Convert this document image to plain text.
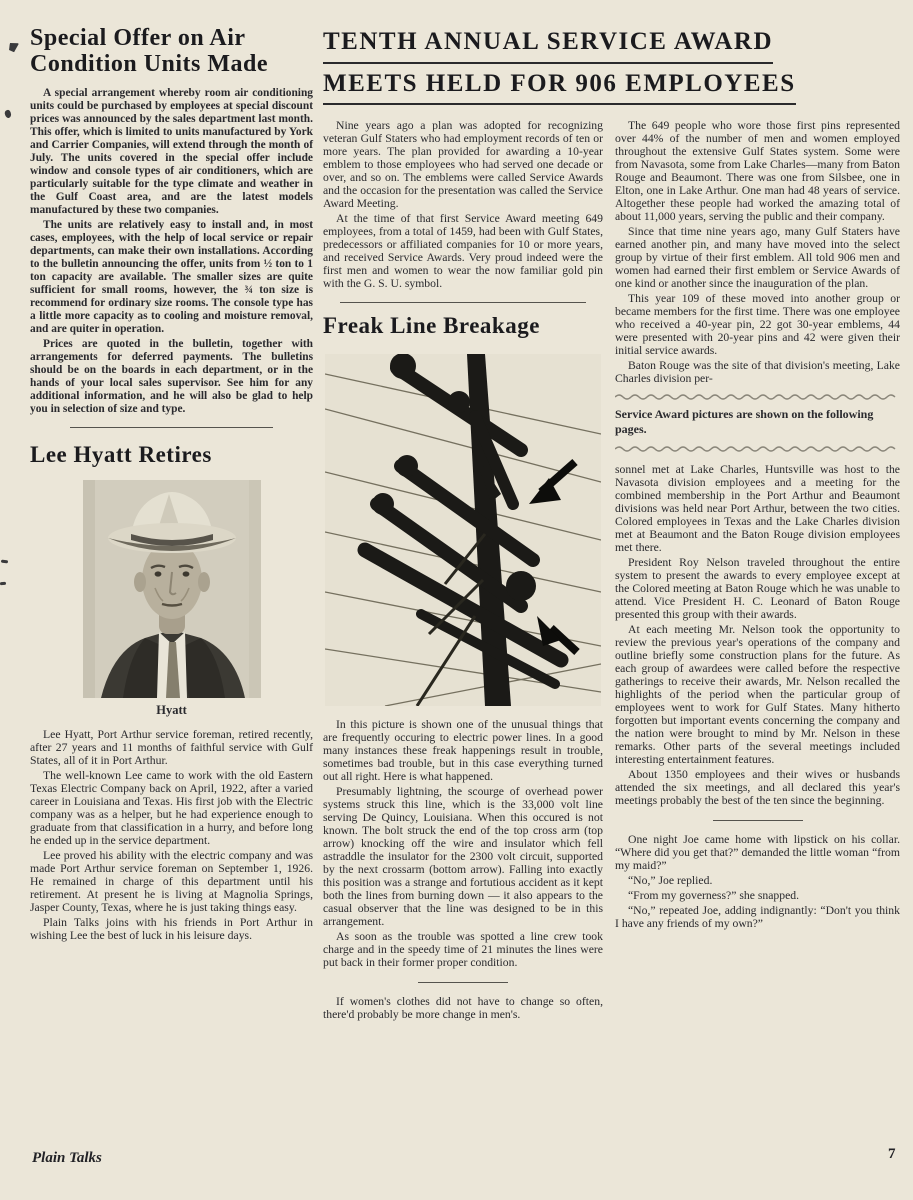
Special Offer on Air Condition Units Made

A special arrangement whereby room air conditioning units could be purchased by employees at special discount prices was announced by the sales department last month. This offer, which is limited to units manufactured by York and Carrier Companies, will extend through the month of July. The units covered in the special offer include window and console types of air conditioners, which are particularly suitable for the type climate and weather in the Gulf Coast area, and are the latest models manufactured by these two companies.

The units are relatively easy to install and, in most cases, employees, with the help of local service or repair departments, can make their own installations. According to the bulletin announcing the offer, units from ½ ton to 1 ton capacity are available. The smaller sizes are quite sufficient for small rooms, however, the ¾ ton size is recommend for ordinary size rooms. The console type has a little more capacity as to cooling and moisture removal, and are quiter in operation.

Prices are quoted in the bulletin, together with arrangements for deferred payments. The bulletins should be on the boards in each department, or in the hands of your local sales supervisor. See him for any additional information, and he will also be glad to help you in selection of size and type.

Lee Hyatt Retires
Hyatt

Lee Hyatt, Port Arthur service foreman, retired recently, after 27 years and 11 months of faithful service with Gulf States, all of it in Port Arthur.

The well-known Lee came to work with the old Eastern Texas Electric Company back on April, 1922, after a varied career in Louisiana and Texas. His first job with the Electric company was as a helper, but he had experience enough to graduate from that classification in a hurry, and before long he ended up in the service department.

Lee proved his ability with the electric company and was made Port Arthur service foreman on September 1, 1926. He remained in charge of this department until his retirement. At present he is living at Magnolia Springs, Jasper County, Texas, where he is just taking things easy.

Plain Talks joins with his friends in Port Arthur in wishing Lee the best of luck in his leisure days.

TENTH ANNUAL SERVICE AWARD
MEETS HELD FOR 906 EMPLOYEES

Nine years ago a plan was adopted for recognizing veteran Gulf Staters who had employment records of ten or more years. The plan provided for awarding a 10-year emblem to those employees who had served one decade or over, and so on. The emblems were called Service Awards and the occasion for the presentation was called the Service Award Meeting.

At the time of that first Service Award meeting 649 employees, from a total of 1459, had been with Gulf States, predecessors or affiliated companies for 10 or more years, and received Service Awards. Very proud indeed were the first men and women to wear the now familiar gold pin with the G. S. U. symbol.

Freak Line Breakage

In this picture is shown one of the unusual things that are frequently occuring to electric power lines. In a good many instances these freak happenings result in trouble, sometimes bad trouble, but in this case everything turned out all right. Here is what happened.

Presumably lightning, the scourge of overhead power systems struck this line, which is the 33,000 volt line serving De Quincy, Louisiana. When this occured is not known. The bolt struck the end of the top cross arm (top arrow) knocking off the wire and insulator which fell astraddle the insulator for the 2300 volt circuit, supported by the next crossarm (bottom arrow). Falling into exactly this position was a strange and fortutious accident as it kept both the lines from burning down — it also appears to the casual observer that the line was designed to be in this arrangement.

As soon as the trouble was spotted a line crew took charge and in the speedy time of 21 minutes the lines were put back in their former proper condition.

If women's clothes did not have to change so often, there'd probably be more change in men's.

The 649 people who wore those first pins represented over 44% of the number of men and women employed throughout the extensive Gulf States system. Some were from Navasota, some from Lake Charles—many from Baton Rouge and Beaumont. There was one from Silsbee, one in Elton, one in Lake Arthur. One man had 48 years of service. Altogether these people had worked the amazing total of about 11,000 years, serving the public and their company.

Since that time nine years ago, many Gulf Staters have earned another pin, and many have moved into the select group by virtue of their first emblem. All told 906 men and women had earned their first emblem or Service Awards of one kind or another since the inauguration of the plan.

This year 109 of these moved into another group or became members for the first time. There was one employee who received a 40-year pin, 22 got 30-year emblems, 44 were presented with 20-year pins and 42 were given their initial service awards.

Baton Rouge was the site of that division's meeting, Lake Charles division per-

Service Award pictures are shown on the following pages.

sonnel met at Lake Charles, Huntsville was host to the Navasota division employees and a meeting for the combined membership in the Port Arthur and Beaumont divisions was held near Port Arthur, between the two cities. Colored employees in Texas and the Lake Charles division met at Beaumont and the Baton Rouge division employees met there.

President Roy Nelson traveled throughout the entire system to present the awards to every employee except at the Colored meeting at Baton Rouge which he was unable to attend. Vice President H. C. Leonard of Baton Rouge presented this group with their awards.

At each meeting Mr. Nelson took the opportunity to review the previous year's operations of the company and outline briefly some construction plans for the future. As each group of awardees were called before the respective gatherings to receive their awards, Mr. Nelson recalled the highlights of the period when the particular group of employees went to work for Gulf States. Many hitherto forgotten but important events concerning the company and the nation were brought to mind by Mr. Nelson in these remarks. Other parts of the several meetings included interesting entertainment features.

About 1350 employees and their wives or husbands attended the six meetings, and all declared this year's meetings probably the best of the ten since the beginning.

One night Joe came home with lipstick on his collar. “Where did you get that?” demanded the little woman “from my maid?”

“No,” Joe replied.

“From my governess?” she snapped.

“No,” repeated Joe, adding indignantly: “Don't you think I have any friends of my own?”

Plain Talks	7
